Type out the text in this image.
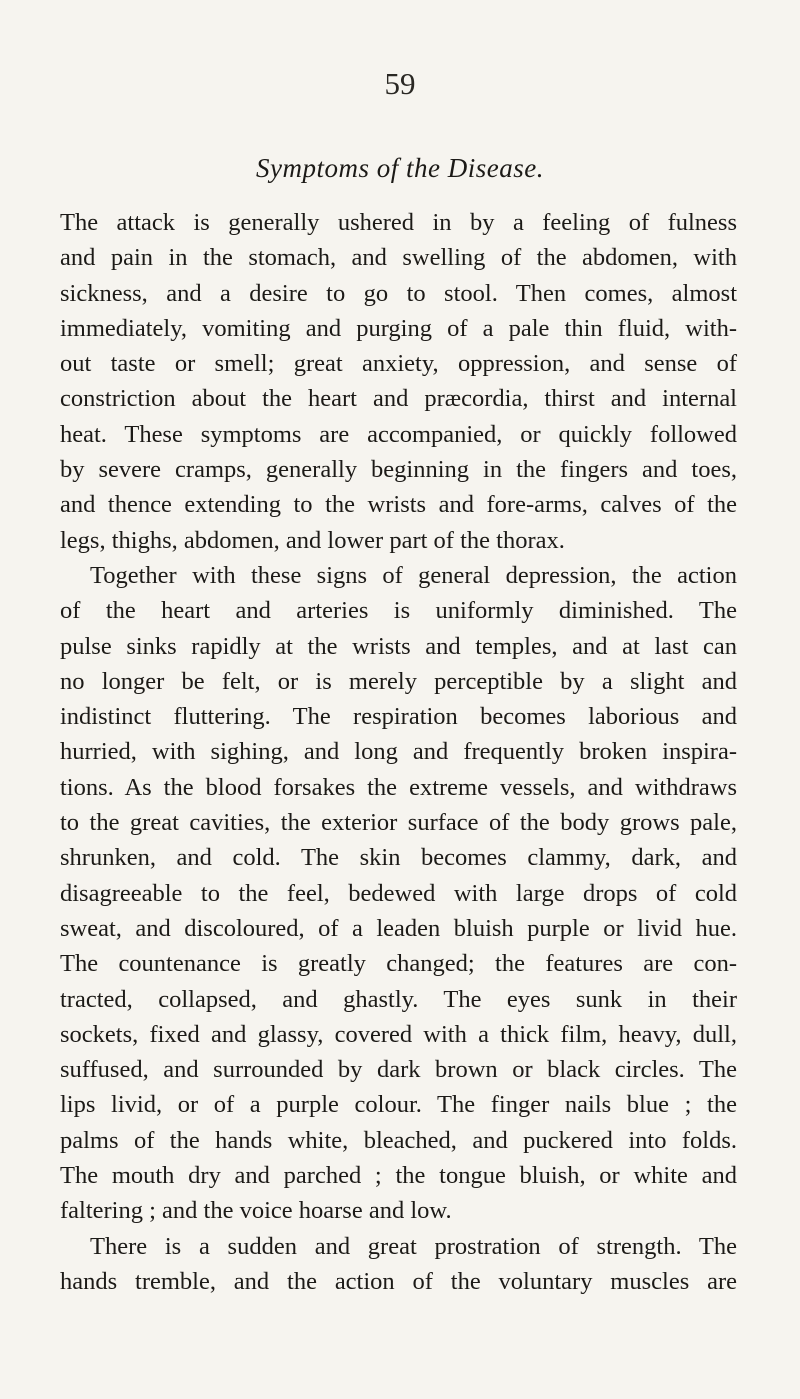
59
Symptoms of the Disease.
The attack is generally ushered in by a feeling of fulness
and pain in the stomach, and swelling of the abdomen, with
sickness, and a desire to go to stool. Then comes, almost
immediately, vomiting and purging of a pale thin fluid, with-
out taste or smell; great anxiety, oppression, and sense of
constriction about the heart and præcordia, thirst and internal
heat. These symptoms are accompanied, or quickly followed
by severe cramps, generally beginning in the fingers and toes,
and thence extending to the wrists and fore-arms, calves of the
legs, thighs, abdomen, and lower part of the thorax.
Together with these signs of general depression, the action
of the heart and arteries is uniformly diminished. The
pulse sinks rapidly at the wrists and temples, and at last can
no longer be felt, or is merely perceptible by a slight and
indistinct fluttering. The respiration becomes laborious and
hurried, with sighing, and long and frequently broken inspira-
tions. As the blood forsakes the extreme vessels, and withdraws
to the great cavities, the exterior surface of the body grows pale,
shrunken, and cold. The skin becomes clammy, dark, and
disagreeable to the feel, bedewed with large drops of cold
sweat, and discoloured, of a leaden bluish purple or livid hue.
The countenance is greatly changed; the features are con-
tracted, collapsed, and ghastly. The eyes sunk in their
sockets, fixed and glassy, covered with a thick film, heavy, dull,
suffused, and surrounded by dark brown or black circles. The
lips livid, or of a purple colour. The finger nails blue ; the
palms of the hands white, bleached, and puckered into folds.
The mouth dry and parched ; the tongue bluish, or white and
faltering ; and the voice hoarse and low.
There is a sudden and great prostration of strength. The
hands tremble, and the action of the voluntary muscles are
